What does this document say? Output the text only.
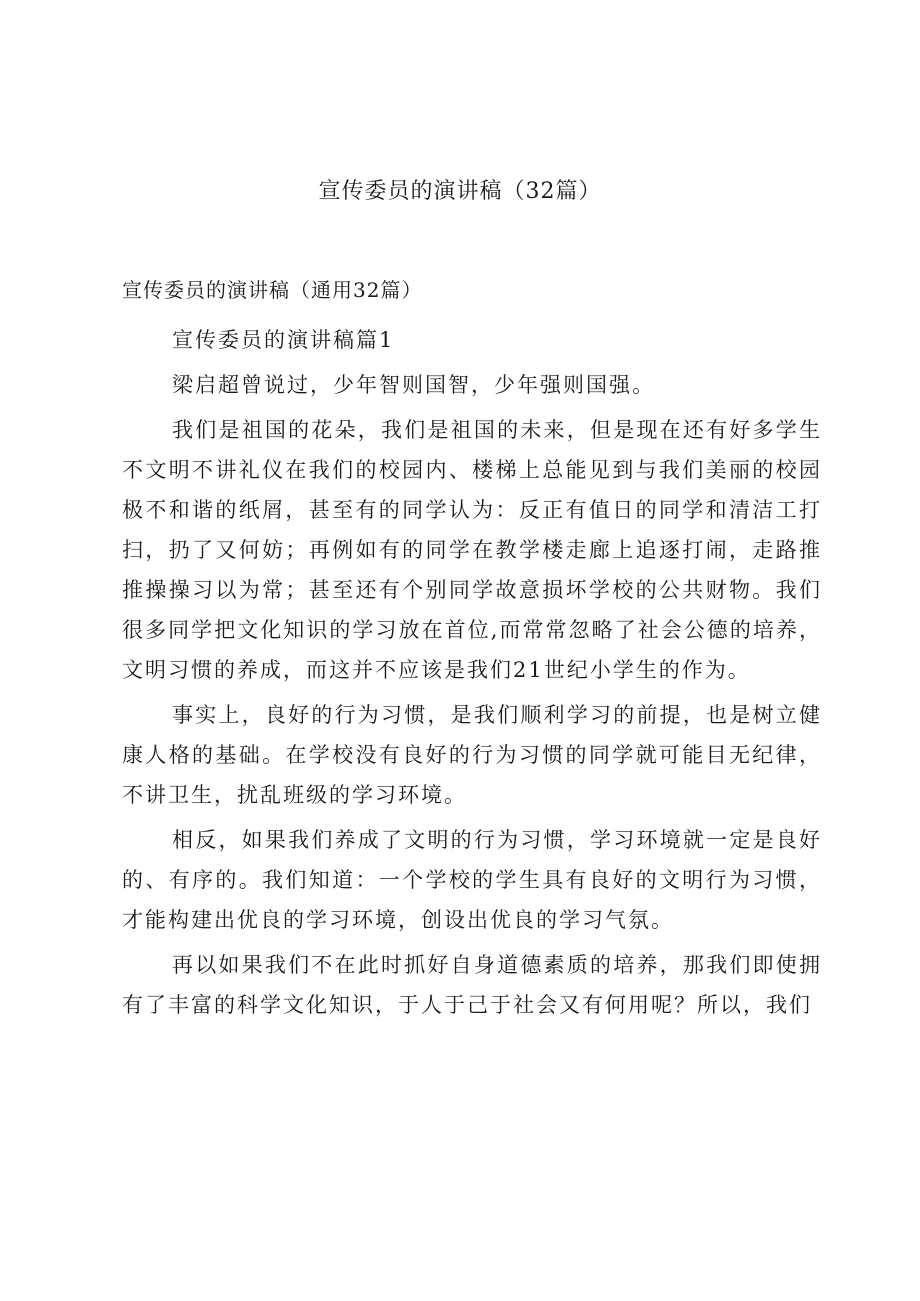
宣传委员的演讲稿（32篇）
宣传委员的演讲稿（通用32篇）

宣传委员的演讲稿篇1

梁启超曾说过，少年智则国智，少年强则国强。

我们是祖国的花朵，我们是祖国的未来，但是现在还有好多学生不文明不讲礼仪在我们的校园内、楼梯上总能见到与我们美丽的校园极不和谐的纸屑，甚至有的同学认为：反正有值日的同学和清洁工打扫，扔了又何妨；再例如有的同学在教学楼走廊上追逐打闹，走路推推操操习以为常；甚至还有个别同学故意损坏学校的公共财物。我们很多同学把文化知识的学习放在首位,而常常忽略了社会公德的培养，文明习惯的养成，而这并不应该是我们21世纪小学生的作为。

事实上，良好的行为习惯，是我们顺利学习的前提，也是树立健康人格的基础。在学校没有良好的行为习惯的同学就可能目无纪律，不讲卫生，扰乱班级的学习环境。

相反，如果我们养成了文明的行为习惯，学习环境就一定是良好的、有序的。我们知道：一个学校的学生具有良好的文明行为习惯，才能构建出优良的学习环境，创设出优良的学习气氛。

再以如果我们不在此时抓好自身道德素质的培养，那我们即使拥有了丰富的科学文化知识，于人于己于社会又有何用呢？所以，我们
